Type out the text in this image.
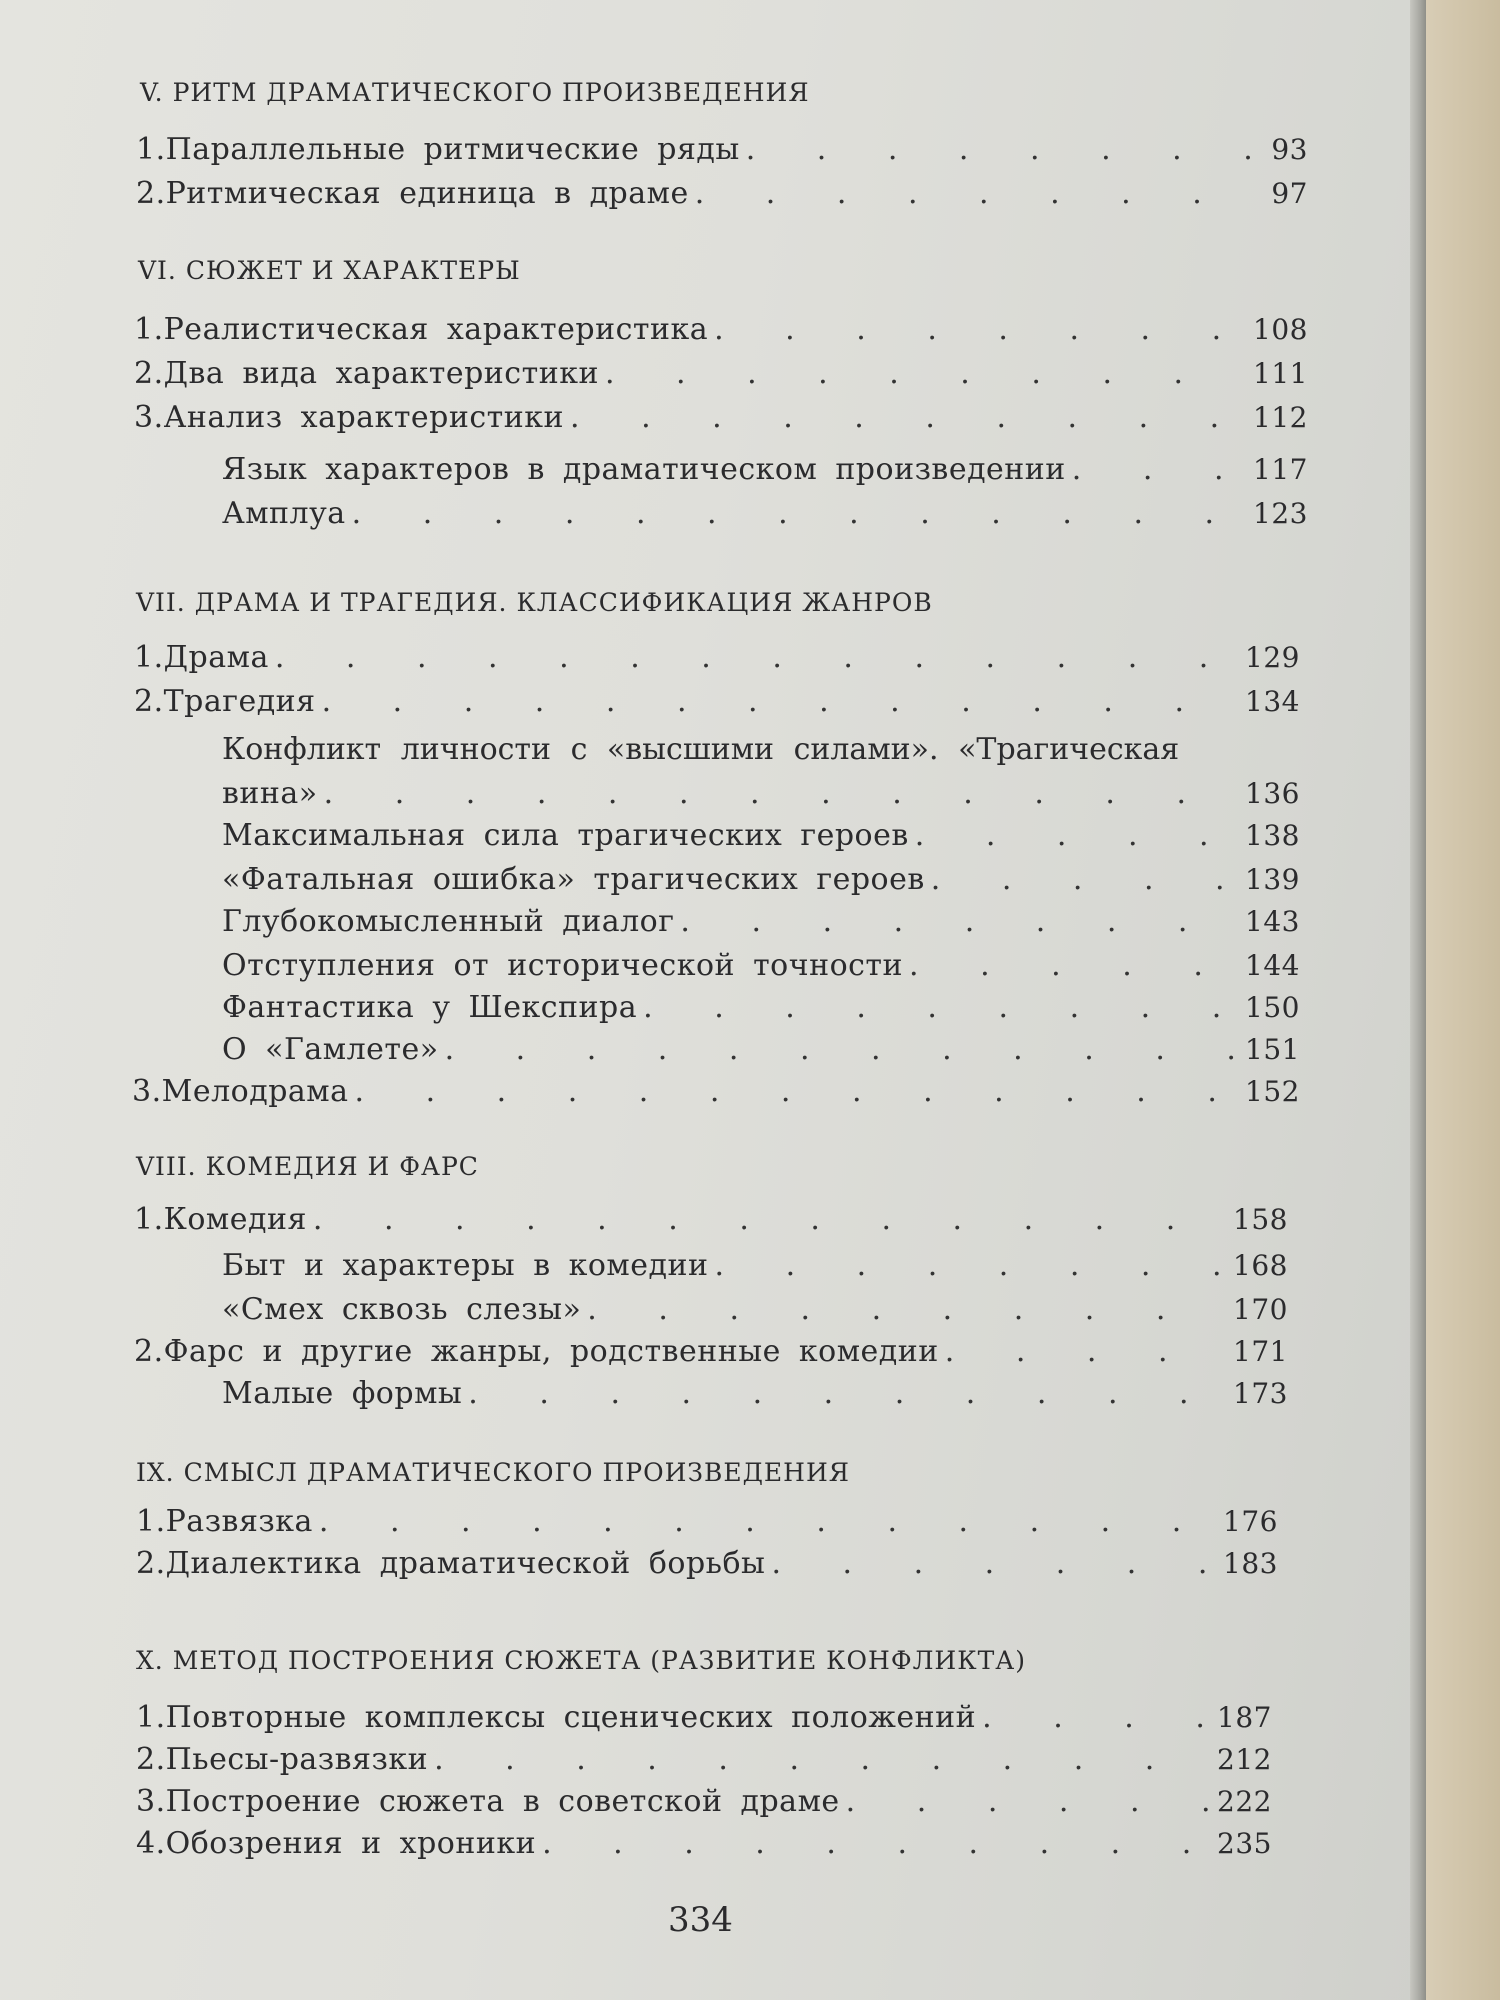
V. РИТМ ДРАМАТИЧЕСКОГО ПРОИЗВЕДЕНИЯ
1. Параллельные ритмические ряды . . .	93
2. Ритмическая единица в драме . . .	97
VI. СЮЖЕТ И ХАРАКТЕРЫ
1. Реалистическая характеристика . . .	108
2. Два вида характеристики . . .	111
3. Анализ характеристики . . .	112
Язык характеров в драматическом произведении . . .	117
Амплуа . . .	123
VII. ДРАМА И ТРАГЕДИЯ. КЛАССИФИКАЦИЯ ЖАНРОВ
1. Драма . . .	129
2. Трагедия . . .	134
Конфликт личности с «высшими силами». «Трагическая
вина» . . .	136
Максимальная сила трагических героев . . .	138
«Фатальная ошибка» трагических героев . . .	139
Глубокомысленный диалог . . .	143
Отступления от исторической точности . . .	144
Фантастика у Шекспира . . .	150
О «Гамлете» . . .	151
3. Мелодрама . . .	152
VIII. КОМЕДИЯ И ФАРС
1. Комедия . . .	158
Быт и характеры в комедии . . .	168
«Смех сквозь слезы» . . .	170
2. Фарс и другие жанры, родственные комедии . . .	171
Малые формы . . .	173
IX. СМЫСЛ ДРАМАТИЧЕСКОГО ПРОИЗВЕДЕНИЯ
1. Развязка . . .	176
2. Диалектика драматической борьбы . . .	183
X. МЕТОД ПОСТРОЕНИЯ СЮЖЕТА (РАЗВИТИЕ КОНФЛИКТА)
1. Повторные комплексы сценических положений . . .	187
2. Пьесы-развязки . . .	212
3. Построение сюжета в советской драме . . .	222
4. Обозрения и хроники . . .	235
334
